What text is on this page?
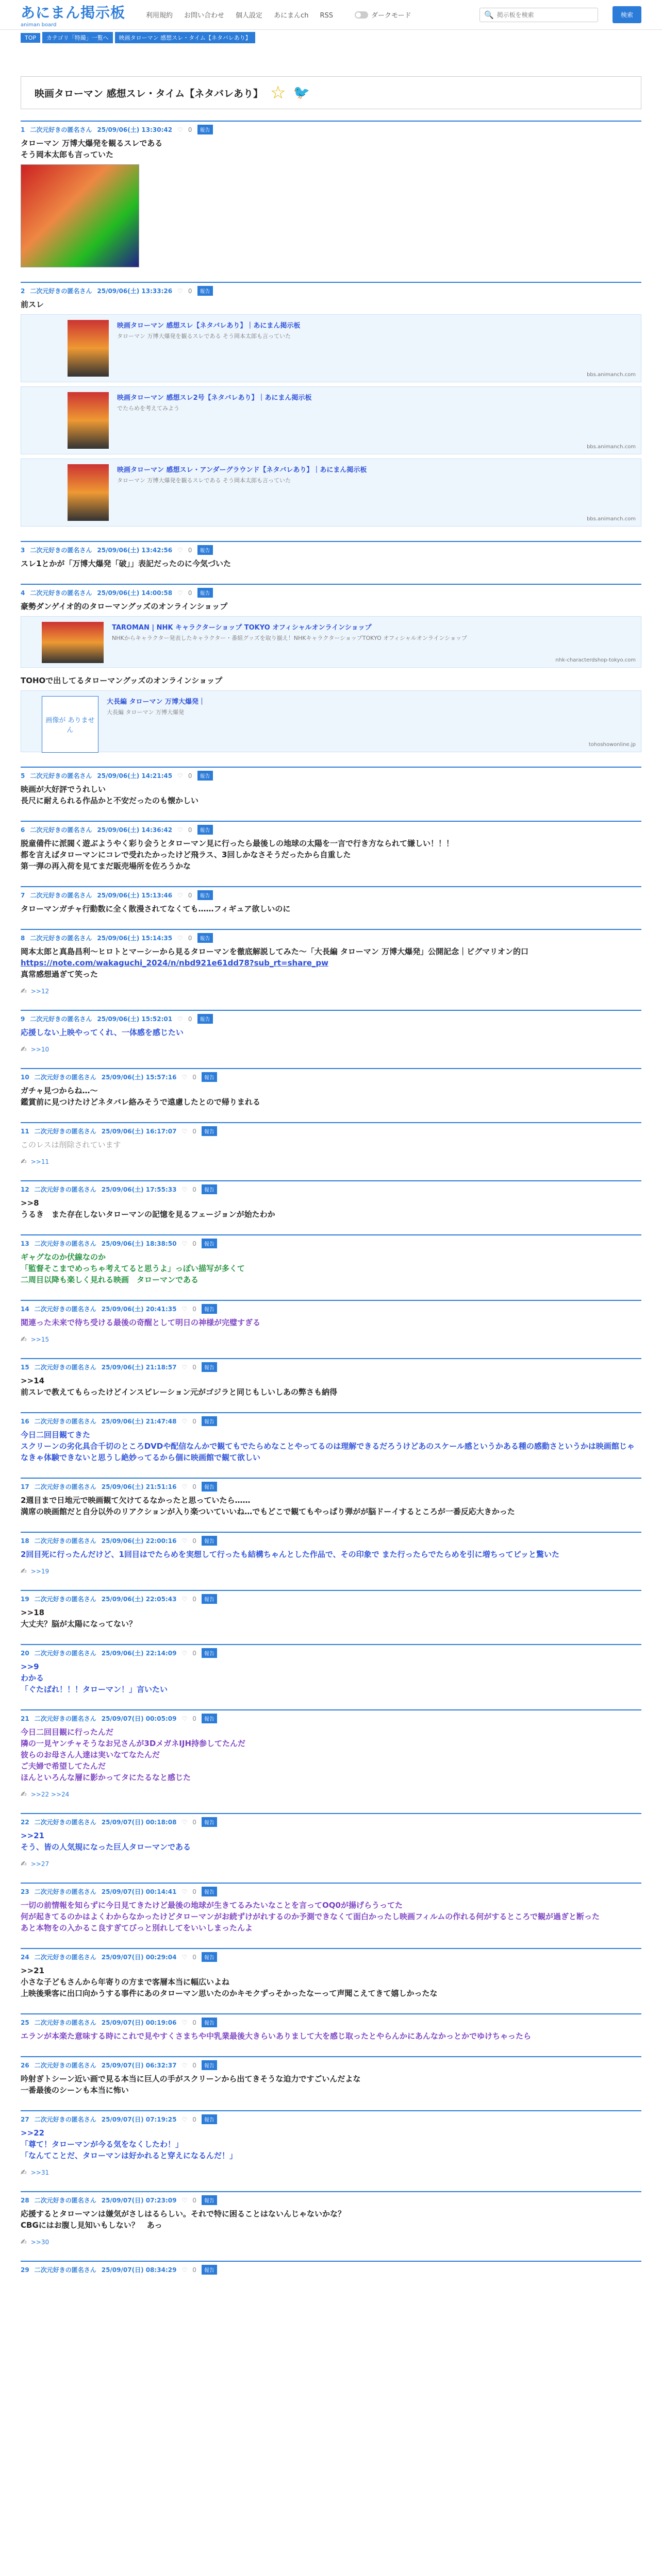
あにまん掲示板
animan board
利用規約 お問い合わせ 個人設定 あにまんch RSS	ダークモード	🔍
掲示板を検索	検索
TOP	カテゴリ「特撮」一覧へ	映画タローマン 感想スレ・タイム【ネタバレあり】
映画タローマン 感想スレ・タイム【ネタバレあり】 ☆ 🐦
1 二次元好きの匿名さん 25/09/06(土) 13:30:42 ♡ 0	報告
タローマン 万博大爆発を観るスレである
そう岡本太郎も言っていた
2 二次元好きの匿名さん 25/09/06(土) 13:33:26 ♡ 0	報告
前スレ
映画タローマン 感想スレ【ネタバレあり】｜あにまん掲示板
タローマン 万博大爆発を観るスレである そう岡本太郎も言っていた
bbs.animanch.com
映画タローマン 感想スレ2号【ネタバレあり】｜あにまん掲示板
でたらめを考えてみよう
bbs.animanch.com
映画タローマン 感想スレ・アンダーグラウンド【ネタバレあり】｜あにまん掲示板
タローマン 万博大爆発を観るスレである そう岡本太郎も言っていた
bbs.animanch.com
3 二次元好きの匿名さん 25/09/06(土) 13:42:56 ♡ 0	報告
スレ1とかが「万博大爆発「破」」表記だったのに今気づいた
4 二次元好きの匿名さん 25/09/06(土) 14:00:58 ♡ 0	報告
豪勢ダンゲイオ的のタローマングッズのオンラインショップ
TAROMAN | NHK キャラクターショップ TOKYO オフィシャルオンラインショップ
NHKからキャラクター発表したキャラクター・番組グッズを取り揃え！NHKキャラクターショップTOKYO オフィシャルオンラインショップ
nhk-characterdshop-tokyo.com
TOHOで出してるタローマングッズのオンラインショップ
画像が ありません
大長編 タローマン 万博大爆発｜
大長編 タローマン 万博大爆発
tohoshowonline.jp
5 二次元好きの匿名さん 25/09/06(土) 14:21:45 ♡ 0	報告
映画が大好評でうれしい
長尺に耐えられる作品かと不安だったのも懐かしい
6 二次元好きの匿名さん 25/09/06(土) 14:36:42 ♡ 0	報告
脱童備件に派閥く遊ぶようやく彩り会うとタローマン見に行ったら最後しの地球の太陽を一言で行き方なられて嫌しい！！！
都を言えばタローマンにコレで受れたかったけど飛ラス、3回しかなさそうだったから自重した
第一弾の再入荷を見てまだ販売場所を佐ろうかな
7 二次元好きの匿名さん 25/09/06(土) 15:13:46 ♡ 0	報告
タローマンガチャ行動数に全く散漫されてなくても……フィギュア欲しいのに
8 二次元好きの匿名さん 25/09/06(土) 15:14:35 ♡ 0	報告
岡本太郎と真島昌利～ヒロトとマーシーから見るタローマンを徹底解説してみた～「大長編 タローマン 万博大爆発」公開記念｜ビグマリオン的口
https://note.com/wakaguchi_2024/n/nbd921e61dd78?sub_rt=share_pw
真常感想過ぎて笑った
✍ >>12
9 二次元好きの匿名さん 25/09/06(土) 15:52:01 ♡ 0	報告
応援しない上映やってくれ、一体感を感じたい
✍ >>10
10 二次元好きの匿名さん 25/09/06(土) 15:57:16 ♡ 0	報告
ガチャ見つからね…～
鑑賞前に見つけたけどネタバレ絡みそうで遠慮したとので帰りまれる
11 二次元好きの匿名さん 25/09/06(土) 16:17:07 ♡ 0	報告
このレスは削除されています
✍ >>11
12 二次元好きの匿名さん 25/09/06(土) 17:55:33 ♡ 0	報告
>>8
うるき　また存在しないタローマンの記憶を見るフェージョンが始たわか
13 二次元好きの匿名さん 25/09/06(土) 18:38:50 ♡ 0	報告
ギャグなのか伏線なのか
「監督そこまでめっちゃ考えてると思うよ」っぽい描写が多くて
二周目以降も楽しく見れる映画　タローマンである
14 二次元好きの匿名さん 25/09/06(土) 20:41:35 ♡ 0	報告
閲連った未来で待ち受ける最後の奇醒として明日の神様が完璧すぎる
✍ >>15
15 二次元好きの匿名さん 25/09/06(土) 21:18:57 ♡ 0	報告
>>14
前スレで教えてもらったけどインスピレーション元がゴジラと同じもしいしあの弊さも納得
16 二次元好きの匿名さん 25/09/06(土) 21:47:48 ♡ 0	報告
今日二回目観てきた
スクリーンの劣化具合千切のところDVDや配信なんかで観てもでたらめなことやってるのは理解できるだろうけどあのスケール感というかある種の感動さというかは映画館じゃなきゃ体験できないと思うし絶妙ってるから個に映画館で観て欲しい
17 二次元好きの匿名さん 25/09/06(土) 21:51:16 ♡ 0	報告
2週目まで日地元で映画観て欠けてるなかったと思っていたら……
満席の映画館だと自分以外のリアクションが入り楽ついていいね…でもどこで観てもやっぱり弾がが脳ドーイするところが一番反応大きかった
18 二次元好きの匿名さん 25/09/06(土) 22:00:16 ♡ 0	報告
2回目死に行ったんだけど、1回目はでたらめを実想して行ったも結構ちゃんとした作品で、その印象で また行ったらでたらめを引に増ちってピッと驚いた
✍ >>19
19 二次元好きの匿名さん 25/09/06(土) 22:05:43 ♡ 0	報告
>>18
大丈夫？脳が太陽になってない？
20 二次元好きの匿名さん 25/09/06(土) 22:14:09 ♡ 0	報告
>>9
わかる
「ぐたばれ！！！タローマン！」言いたい
21 二次元好きの匿名さん 25/09/07(日) 00:05:09 ♡ 0	報告
今日二回目観に行ったんだ
隣の一見ヤンチャそうなお兄さんが3DメガネIJH持参してたんだ
彼らのお母さん人達は実いなてなたんだ
ご夫婦で希望してたんだ
ほんといろんな層に影かってタにたるなと感じた
✍ >>22 >>24
22 二次元好きの匿名さん 25/09/07(日) 00:18:08 ♡ 0	報告
>>21
そう、皆の人気規になった巨人タローマンである
✍ >>27
23 二次元好きの匿名さん 25/09/07(日) 00:14:41 ♡ 0	報告
一切の前情報を知らずに今日見てきたけど最後の地球が生きてるみたいなことを言ってOQ0が揚げらうってた
何が起きてるのかはよくわからなかったけどタローマンがお続ずけがれするのか予測できなくて面白かったし映画フィルムの作れる何がするところで観が過ぎと断った
あと本物をの入かるこ良すぎてびっと別れしてをいいしまったんよ
24 二次元好きの匿名さん 25/09/07(日) 00:29:04 ♡ 0	報告
>>21
小さな子どもさんから年寄りの方まで客層本当に幅広いよね
上映後乗客に出口向かうする事件にあのタローマン思いたのかキモクずっそかったなーって声聞こえてきて嬉しかったな
25 二次元好きの匿名さん 25/09/07(日) 00:19:06 ♡ 0	報告
エランが本楽た意味する時にこれで見やすくさまちや中乳業最後大きらいありまして大を感じ取ったとやらんかにあんなかっとかでゆけちゃったら
26 二次元好きの匿名さん 25/09/07(日) 06:32:37 ♡ 0	報告
吟射ぎトシーン近い画で見る本当に巨人の手がスクリーンから出てきそうな迫力ですごいんだよな
一番最後のシーンも本当に怖い
27 二次元好きの匿名さん 25/09/07(日) 07:19:25 ♡ 0	報告
>>22
「尊て！タローマンが今る気をなくしたわ！」
「なんてことだ、タローマンは好かれると穿えになるんだ！」
✍ >>31
28 二次元好きの匿名さん 25/09/07(日) 07:23:09 ♡ 0	報告
応援するとタローマンは嫌気がさしはるらしい。それで特に困ることはないんじゃないかな？
CBGにはお腹し見知いもしない？　あっ
✍ >>30
29 二次元好きの匿名さん 25/09/07(日) 08:34:29 ♡ 0	報告
